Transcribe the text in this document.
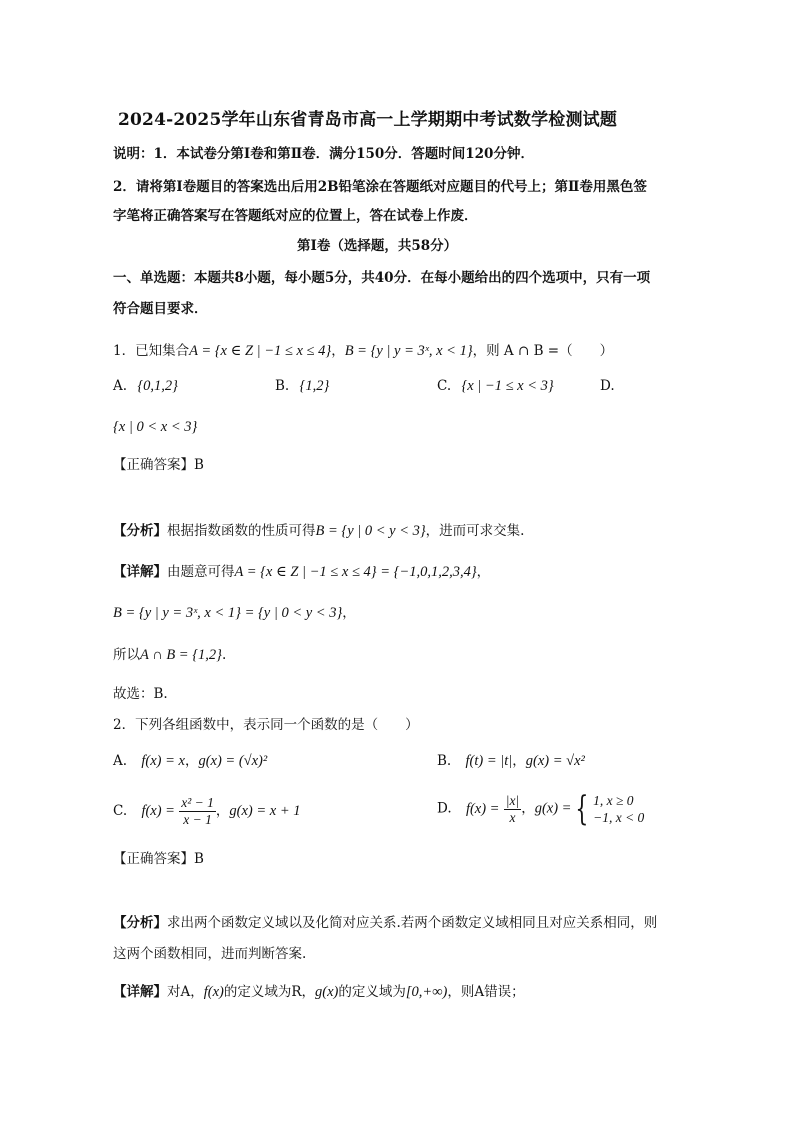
2024-2025学年山东省青岛市高一上学期期中考试数学检测试题
说明：1．本试卷分第Ⅰ卷和第Ⅱ卷．满分150分．答题时间120分钟．
2．请将第Ⅰ卷题目的答案选出后用2B铅笔涂在答题纸对应题目的代号上；第Ⅱ卷用黑色签
字笔将正确答案写在答题纸对应的位置上，答在试卷上作废．
第Ⅰ卷（选择题，共58分）
一、单选题：本题共8小题，每小题5分，共40分．在每小题给出的四个选项中，只有一项
符合题目要求．
1．已知集合A = {x ∈ Z | −1 ≤ x ≤ 4}，B = {y | y = 3ˣ, x < 1}，则 A ∩ B =（　　）
A. {0,1,2}	B. {1,2}	C. {x | −1 ≤ x < 3}	D.
{x | 0 < x < 3}
【正确答案】B
【分析】根据指数函数的性质可得B = {y | 0 < y < 3}，进而可求交集.
【详解】由题意可得A = {x ∈ Z | −1 ≤ x ≤ 4} = {−1,0,1,2,3,4}，
B = {y | y = 3ˣ, x < 1} = {y | 0 < y < 3}，
所以A ∩ B = {1,2}.
故选：B.
2．下列各组函数中，表示同一个函数的是（　　）
A. f(x) = x，g(x) = (√x)²	B. f(t) = |t|，g(x) = √x²
C. $f(x) = \frac{\text{x² − 1}}{x - 1}$ ，g(x) = x + 1	D. $f(x) = \frac{|x|}{x}$ ，g(x) = { 1, x ≥ 0
−1, x < 0
【正确答案】B
【分析】求出两个函数定义域以及化简对应关系.若两个函数定义域相同且对应关系相同，则
这两个函数相同，进而判断答案.
【详解】对A，f(x)的定义域为R，g(x)的定义域为[0,+∞)，则A错误；
